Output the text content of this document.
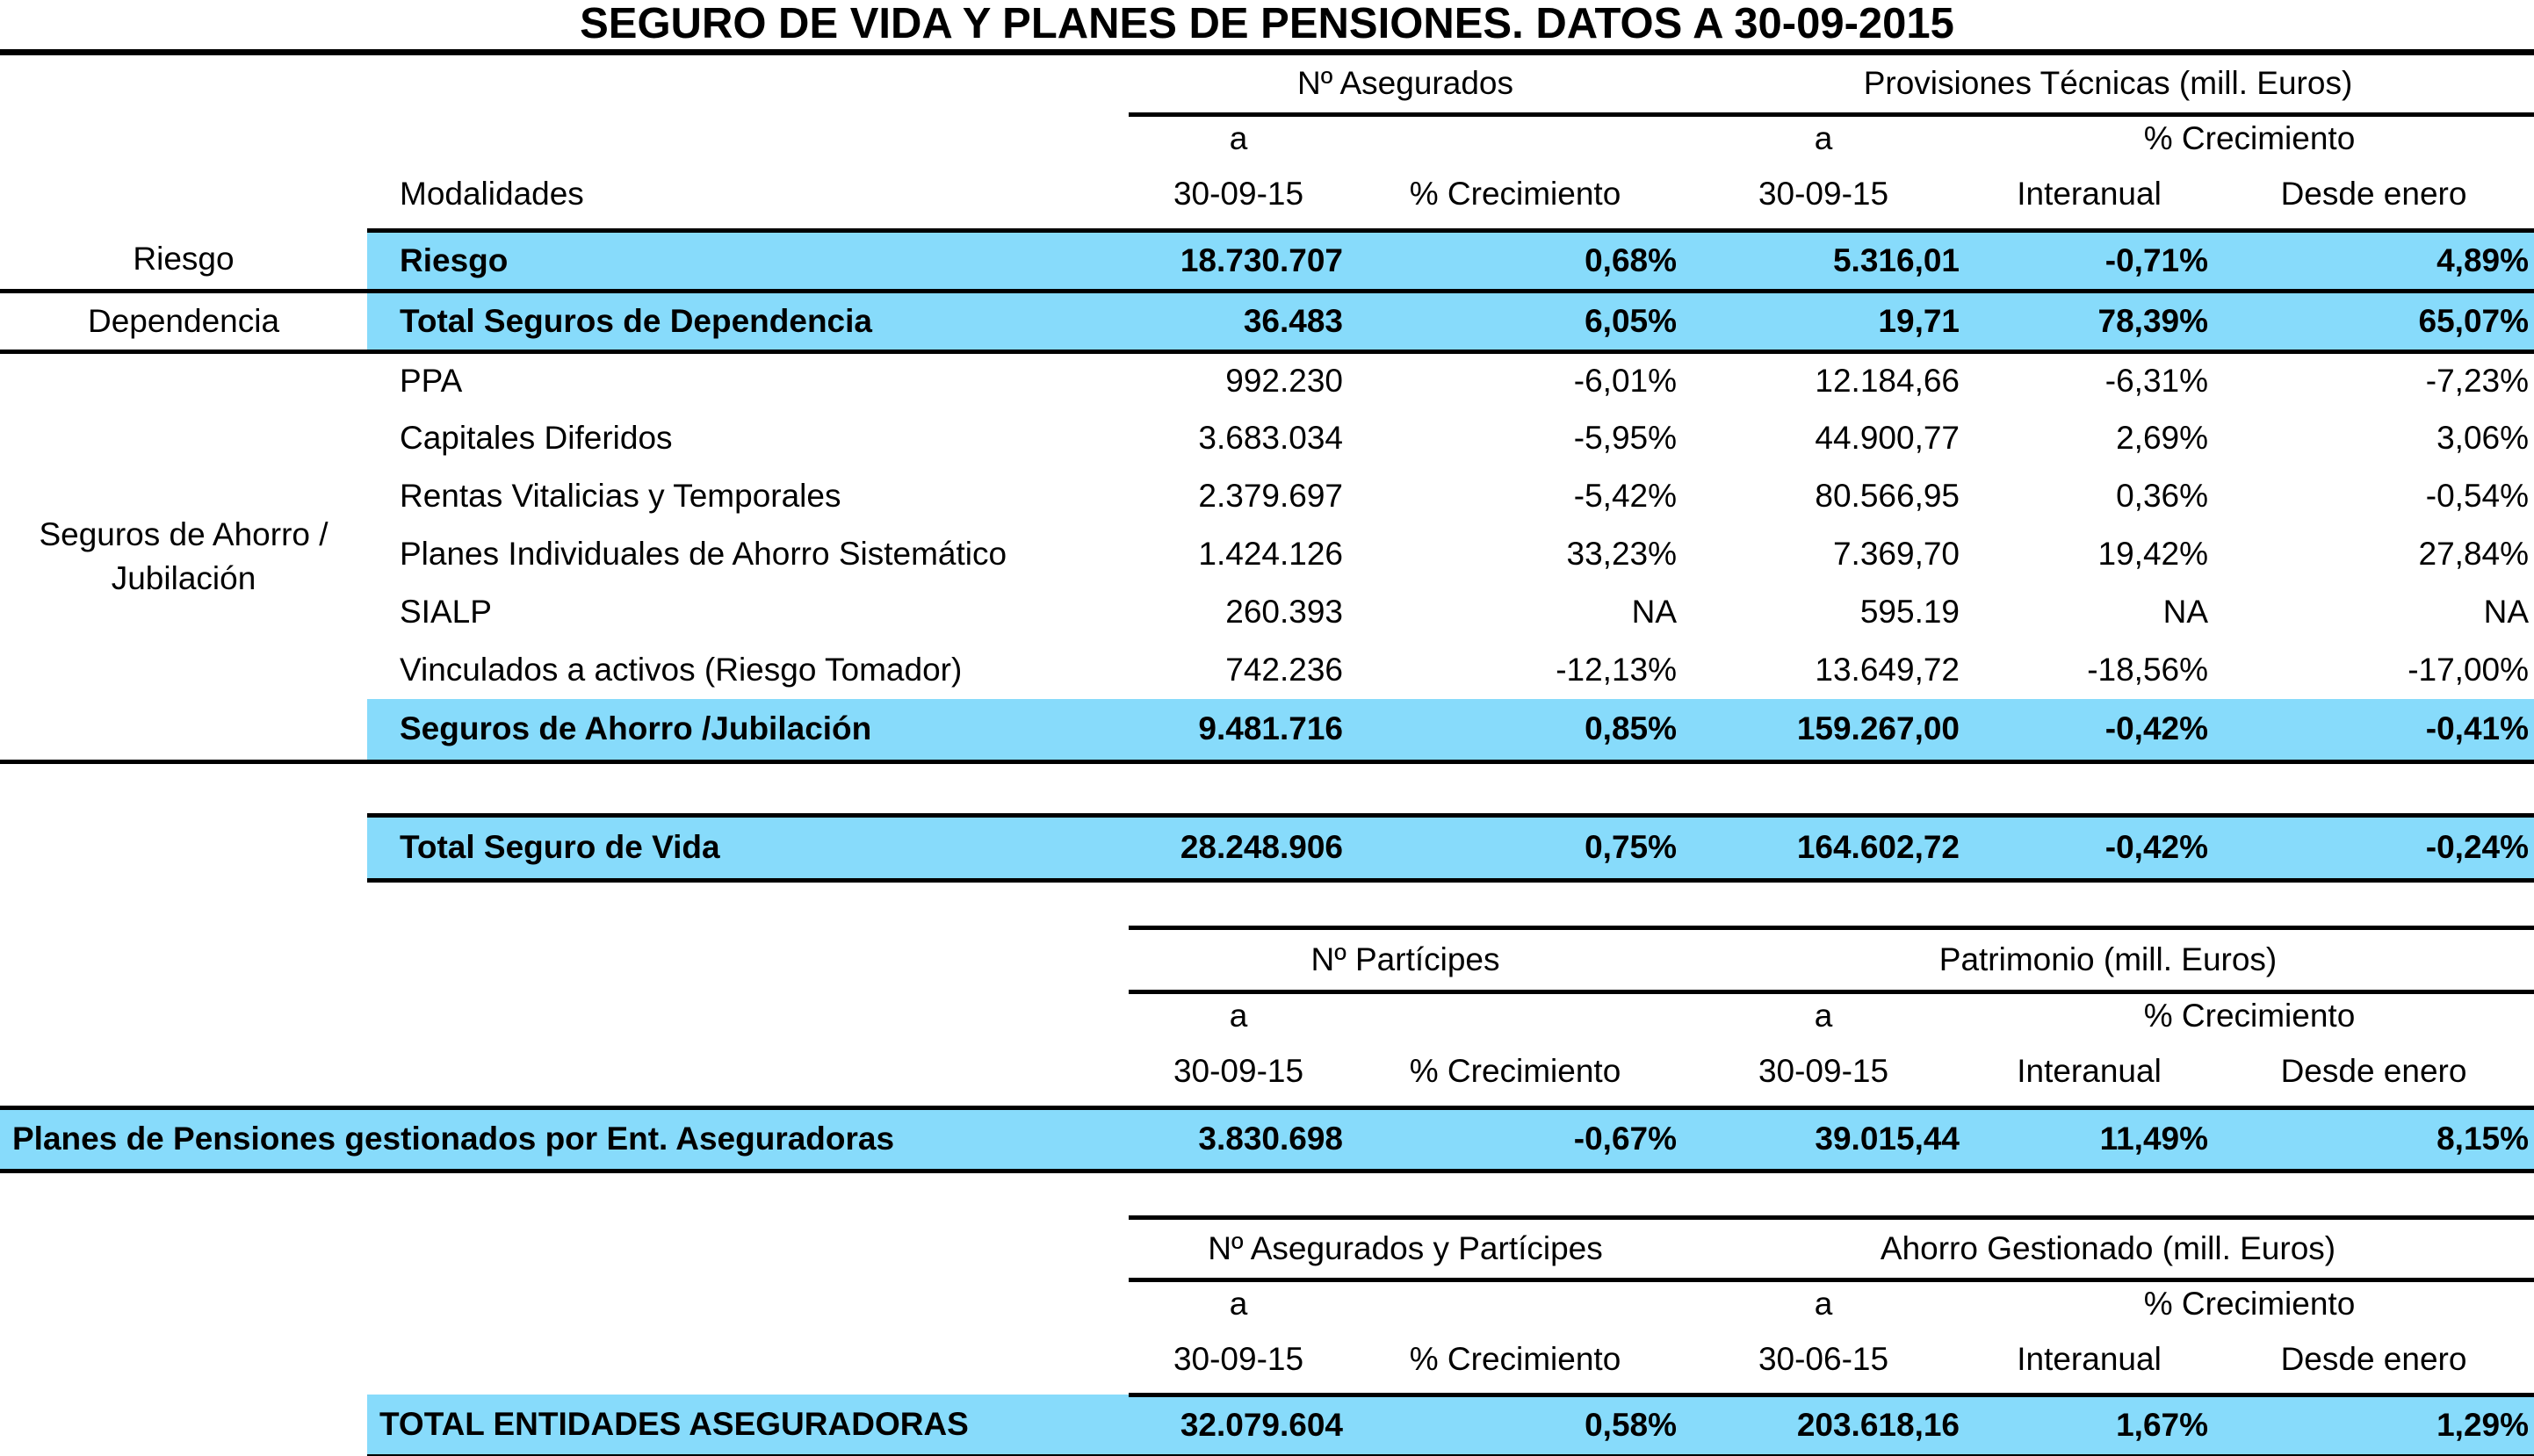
SEGURO DE VIDA Y PLANES DE PENSIONES. DATOS A 30-09-2015
		Nº Asegurados		Provisiones Técnicas (mill. Euros)		
		a		a	% Crecimiento	
	Modalidades	30-09-15	% Crecimiento	30-09-15	Interanual	Desde enero
Riesgo	Riesgo	18.730.707	0,68%	5.316,01	-0,71%	4,89%
Dependencia	Total Seguros de Dependencia	36.483	6,05%	19,71	78,39%	65,07%
Seguros de Ahorro / Jubilación	PPA	992.230	-6,01%	12.184,66	-6,31%	-7,23%
	Capitales Diferidos	3.683.034	-5,95%	44.900,77	2,69%	3,06%
	Rentas Vitalicias y Temporales	2.379.697	-5,42%	80.566,95	0,36%	-0,54%
	Planes Individuales de Ahorro Sistemático	1.424.126	33,23%	7.369,70	19,42%	27,84%
	SIALP	260.393	NA	595.19	NA	NA
	Vinculados a activos (Riesgo Tomador)	742.236	-12,13%	13.649,72	-18,56%	-17,00%
	Seguros de Ahorro /Jubilación	9.481.716	0,85%	159.267,00	-0,42%	-0,41%

	Total Seguro de Vida	28.248.906	0,75%	164.602,72	-0,42%	-0,24%

		Nº Partícipes		Patrimonio (mill. Euros)		
		a		a	% Crecimiento	
		30-09-15	% Crecimiento	30-09-15	Interanual	Desde enero
Planes de Pensiones gestionados por Ent. Aseguradoras		3.830.698	-0,67%	39.015,44	11,49%	8,15%

		Nº Asegurados y Partícipes		Ahorro Gestionado (mill. Euros)		
		a		a	% Crecimiento	
		30-09-15	% Crecimiento	30-06-15	Interanual	Desde enero
	TOTAL ENTIDADES ASEGURADORAS	32.079.604	0,58%	203.618,16	1,67%	1,29%
